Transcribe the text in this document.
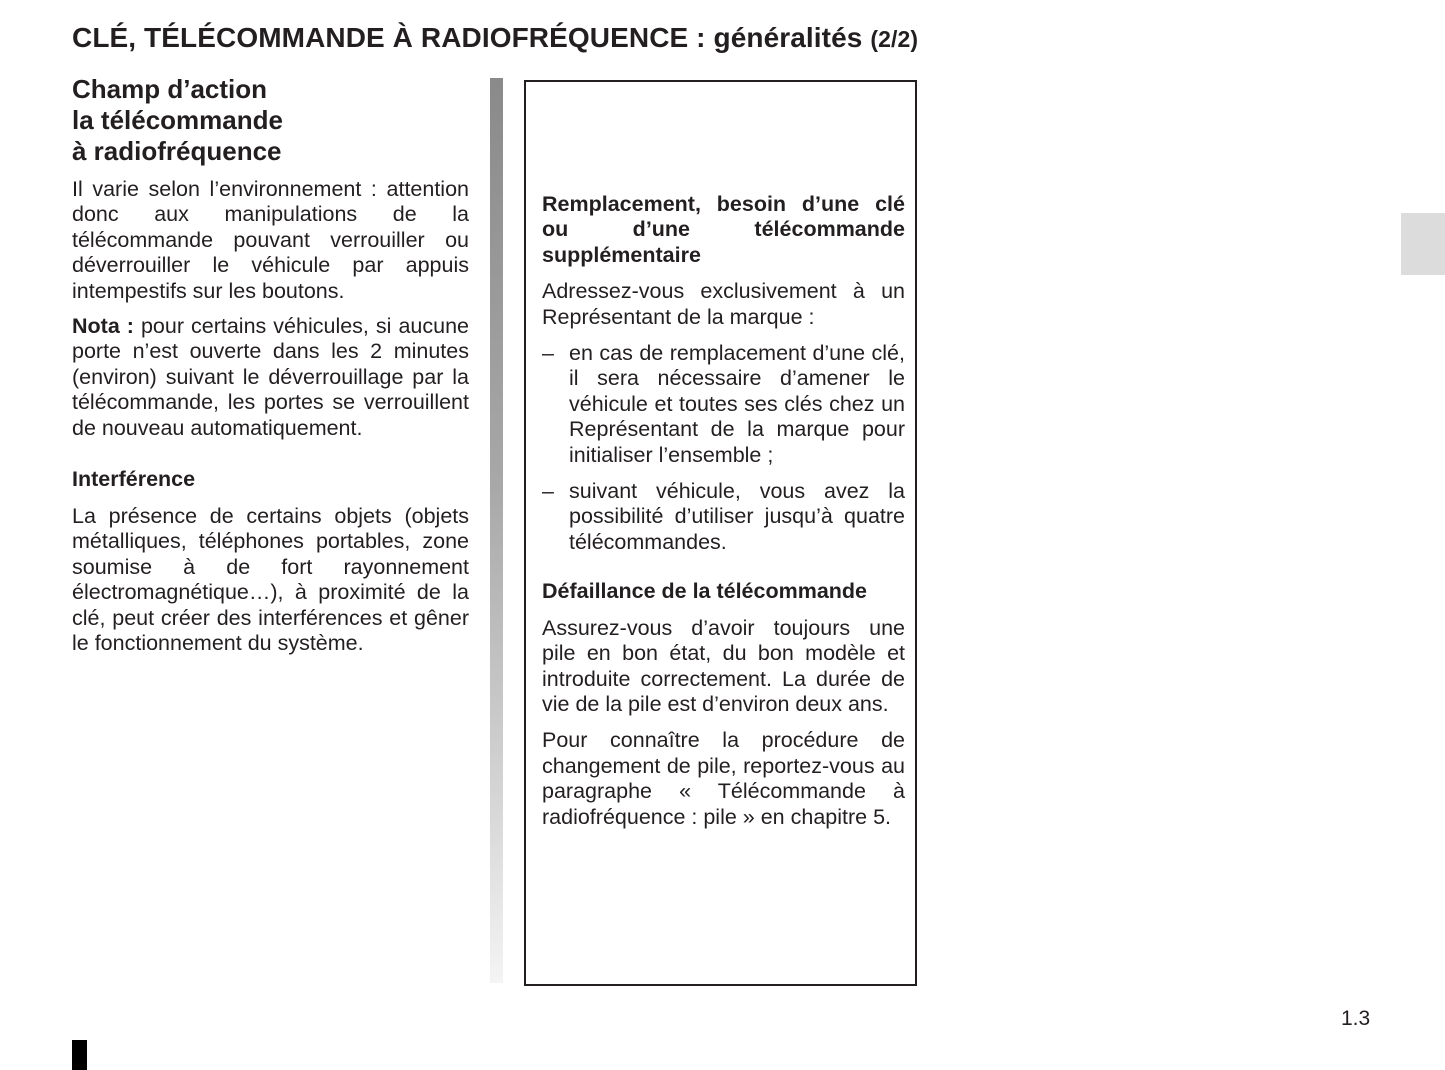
CLÉ, TÉLÉCOMMANDE À RADIOFRÉQUENCE : généralités (2/2)
Champ d’action
la télécommande
à radiofréquence

Il varie selon l’environnement : attention donc aux manipulations de la télécommande pouvant verrouiller ou déverrouiller le véhicule par appuis intempestifs sur les boutons.

Nota : pour certains véhicules, si aucune porte n’est ouverte dans les 2 minutes (environ) suivant le déverrouillage par la télécommande, les portes se verrouillent de nouveau automatiquement.

Interférence

La présence de certains objets (objets métalliques, téléphones portables, zone soumise à de fort rayonnement électromagnétique…), à proximité de la clé, peut créer des interférences et gêner le fonctionnement du système.

Remplacement, besoin d’une clé ou d’une télécommande supplémentaire

Adressez-vous exclusivement à un Représentant de la marque :

– en cas de remplacement d’une clé, il sera nécessaire d’amener le véhicule et toutes ses clés chez un Représentant de la marque pour initialiser l’ensemble ;
– suivant véhicule, vous avez la possibilité d’utiliser jusqu’à quatre télécommandes.
Défaillance de la télécommande

Assurez-vous d’avoir toujours une pile en bon état, du bon modèle et introduite correctement. La durée de vie de la pile est d’environ deux ans.

Pour connaître la procédure de changement de pile, reportez-vous au paragraphe « Télécommande à radiofréquence : pile » en chapitre 5.

1.3
